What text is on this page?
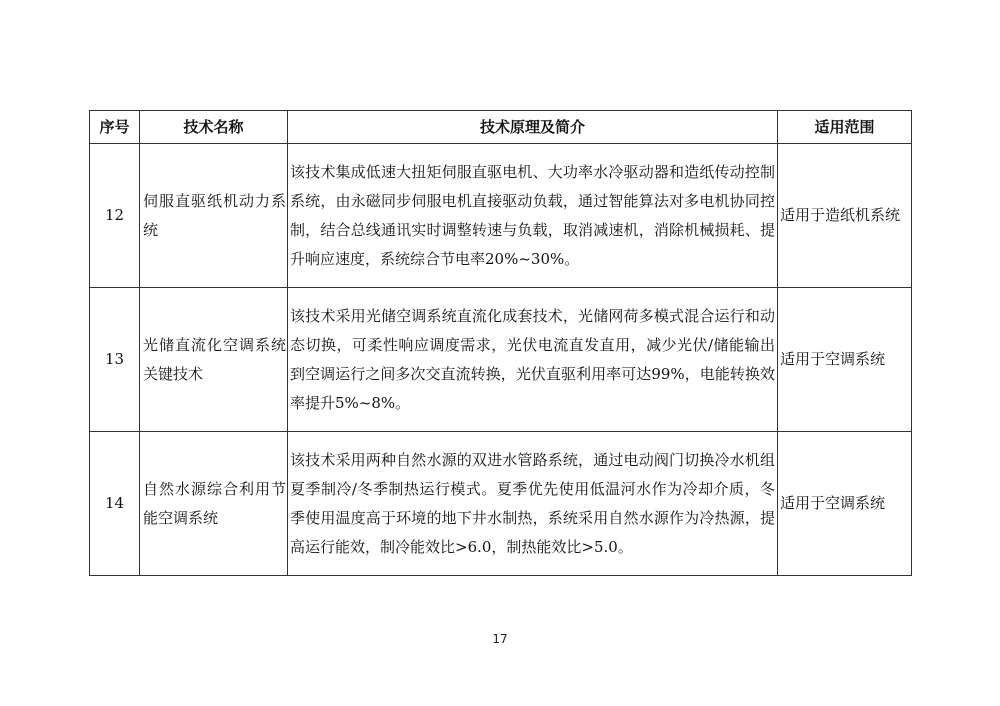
序号	技术名称	技术原理及简介	适用范围
12	伺服直驱纸机动力系统	该技术集成低速大扭矩伺服直驱电机、大功率水冷驱动器和造纸传动控制系统，由永磁同步伺服电机直接驱动负载，通过智能算法对多电机协同控制，结合总线通讯实时调整转速与负载，取消减速机，消除机械损耗、提升响应速度，系统综合节电率20%~30%。	适用于造纸机系统
13	光储直流化空调系统关键技术	该技术采用光储空调系统直流化成套技术，光储网荷多模式混合运行和动态切换，可柔性响应调度需求，光伏电流直发直用，减少光伏/储能输出到空调运行之间多次交直流转换，光伏直驱利用率可达99%，电能转换效率提升5%~8%。	适用于空调系统
14	自然水源综合利用节能空调系统	该技术采用两种自然水源的双进水管路系统，通过电动阀门切换冷水机组夏季制冷/冬季制热运行模式。夏季优先使用低温河水作为冷却介质，冬季使用温度高于环境的地下井水制热，系统采用自然水源作为冷热源，提高运行能效，制冷能效比>6.0，制热能效比>5.0。	适用于空调系统
17
